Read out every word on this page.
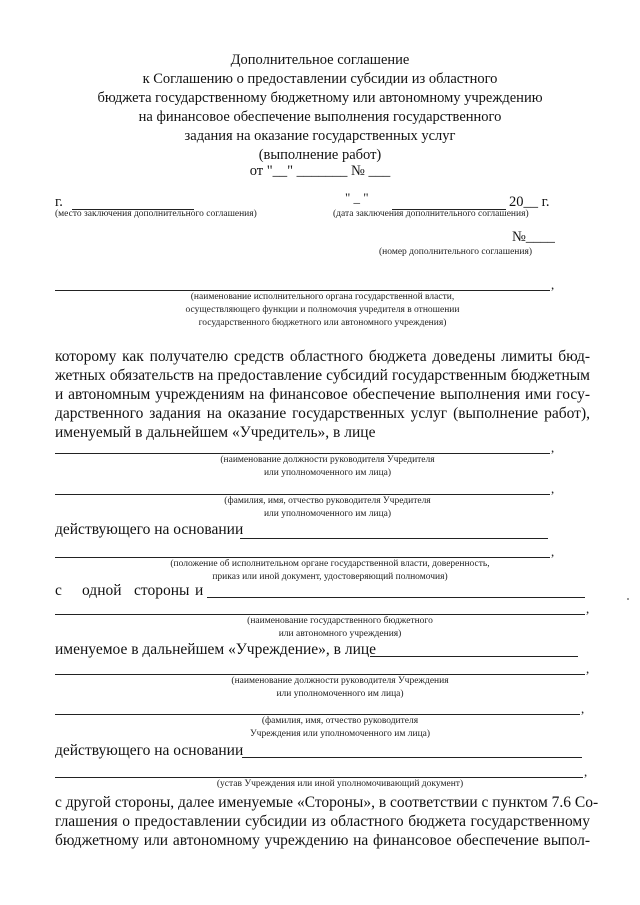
Дополнительное соглашение
к Соглашению о предоставлении субсидии из областного
бюджета государственному бюджетному или автономному учреждению
на финансовое обеспечение выполнения государственного
задания на оказание государственных услуг
(выполнение работ)
от "__" _______ № ___
г.
(место заключения дополнительного соглашения)
" _ "	20__ г.
(дата заключения дополнительного соглашения)
№____
(номер дополнительного соглашения)
,
(наименование исполнительного органа государственной власти,
осуществляющего функции и полномочия учредителя в отношении
государственного бюджетного или автономного учреждения)
которому как получателю средств областного бюджета доведены лимиты бюд-
жетных обязательств на предоставление субсидий государственным бюджетным
и автономным учреждениям на финансовое обеспечение выполнения ими госу-
дарственного задания на оказание государственных услуг (выполнение работ),
именуемый в дальнейшем «Учредитель», в лице
,
(наименование должности руководителя Учредителя
или уполномоченного им лица)
,
(фамилия, имя, отчество руководителя Учредителя
или уполномоченного им лица)
действующего на основании
,
(положение об исполнительном органе государственной власти, доверенность,
приказ или иной документ, удостоверяющий полномочия)
с	одной стороны и
,
(наименование государственного бюджетного
или автономного учреждения)
именуемое в дальнейшем «Учреждение», в лице
,
(наименование должности руководителя Учреждения
или уполномоченного им лица)
,
(фамилия, имя, отчество руководителя
Учреждения или уполномоченного им лица)
действующего на основании
,
(устав Учреждения или иной уполномочивающий документ)
с другой стороны, далее именуемые «Стороны», в соответствии с пунктом 7.6 Со-
глашения о предоставлении субсидии из областного бюджета государственному
бюджетному или автономному учреждению на финансовое обеспечение выпол-
